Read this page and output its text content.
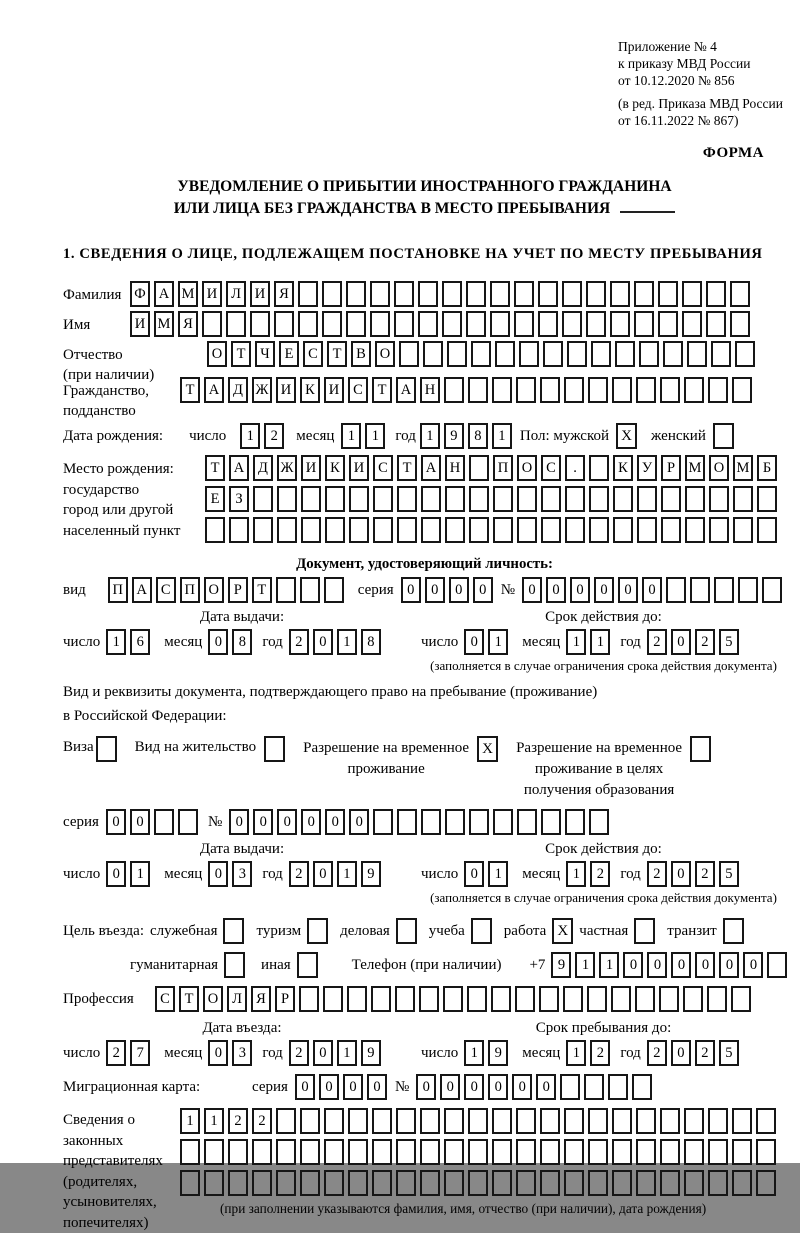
Приложение № 4
к приказу МВД России
от 10.12.2020 № 856
(в ред. Приказа МВД России
от 16.11.2022 № 867)
ФОРМА
УВЕДОМЛЕНИЕ О ПРИБЫТИИ ИНОСТРАННОГО ГРАЖДАНИНА
ИЛИ ЛИЦА БЕЗ ГРАЖДАНСТВА В МЕСТО ПРЕБЫВАНИЯ
1. СВЕДЕНИЯ О ЛИЦЕ, ПОДЛЕЖАЩЕМ ПОСТАНОВКЕ НА УЧЕТ ПО МЕСТУ ПРЕБЫВАНИЯ
Фамилия Ф А М И Л И Я
Имя	И М Я
Отчество
(при наличии)
О Т	Ч	Е	С	Т	В О
Гражданство,
подданство
Т А Д Ж И К И С	Т А Н
Дата рождения: число	1	2	месяц 1	1	год 1	9	8	1 Пол: мужской X	женский
Место рождения:
государство
город или другой
населенный пункт
Т А Д Ж И К И С	Т А Н	П О С	.	К У	Р М О М Б
Е	З
Документ, удостоверяющий личность:
вид	П А С П О	Р	Т	серия 0	0	0	0 № 0	0	0	0	0	0
Дата выдачи:
число 1	6	месяц 0	8	год 2	0	1	8
Срок действия до:
число 0	1	месяц 1	1	год 2	0	2	5
(заполняется в случае ограничения срока действия документа)
Вид и реквизиты документа, подтверждающего право на пребывание (проживание)
в Российской Федерации:
Виза	Вид на жительство	Разрешение на временное
проживание
X	Разрешение на временное
проживание в целях
получения образования
серия 0	0	№ 0	0	0	0	0	0
Дата выдачи:
число 0	1	месяц 0	3	год 2	0	1	9
Срок действия до:
число 0	1	месяц 1	2	год 2	0	2	5
(заполняется в случае ограничения срока действия документа)
Цель въезда: служебная	туризм	деловая	учеба	работа X частная	транзит
гуманитарная	иная	Телефон (при наличии) +7 9	1	1	0	0	0	0	0	0
Профессия	С	Т О Л Я	Р
Дата въезда:
число 2	7	месяц 0	3	год 2	0	1	9
Срок пребывания до:
число 1	9	месяц 1	2	год 2	0	2	5
Миграционная карта:	серия 0	0	0	0 № 0	0	0	0	0	0
Сведения о
законных
представителях
(родителях,
усыновителях,
попечителях)
1	1	2	2
(при заполнении указываются фамилия, имя, отчество (при наличии), дата рождения)
